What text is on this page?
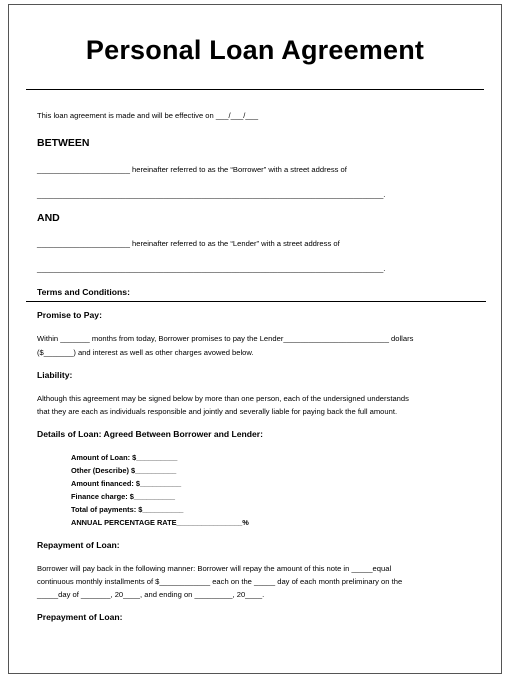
Personal Loan Agreement
This loan agreement is made and will be effective on ___/___/___
BETWEEN
______________________ hereinafter referred to as the “Borrower” with a street address of
__________________________________________________________________________________.
AND
______________________ hereinafter referred to as the “Lender” with a street address of
__________________________________________________________________________________.
Terms and Conditions:
Promise to Pay:
Within _______ months from today, Borrower promises to pay the Lender_________________________ dollars
($_______) and interest as well as other charges avowed below.
Liability:
Although this agreement may be signed below by more than one person, each of the undersigned understands
that they are each as individuals responsible and jointly and severally liable for paying back the full amount.
Details of Loan: Agreed Between Borrower and Lender:
Amount of Loan: $__________
Other (Describe) $__________
Amount financed: $__________
Finance charge: $__________
Total of payments: $__________
ANNUAL PERCENTAGE RATE________________%
Repayment of Loan:
Borrower will pay back in the following manner: Borrower will repay the amount of this note in _____equal
continuous monthly installments of $____________ each on the _____ day of each month preliminary on the
_____day of _______, 20____, and ending on _________, 20____.
Prepayment of Loan:
